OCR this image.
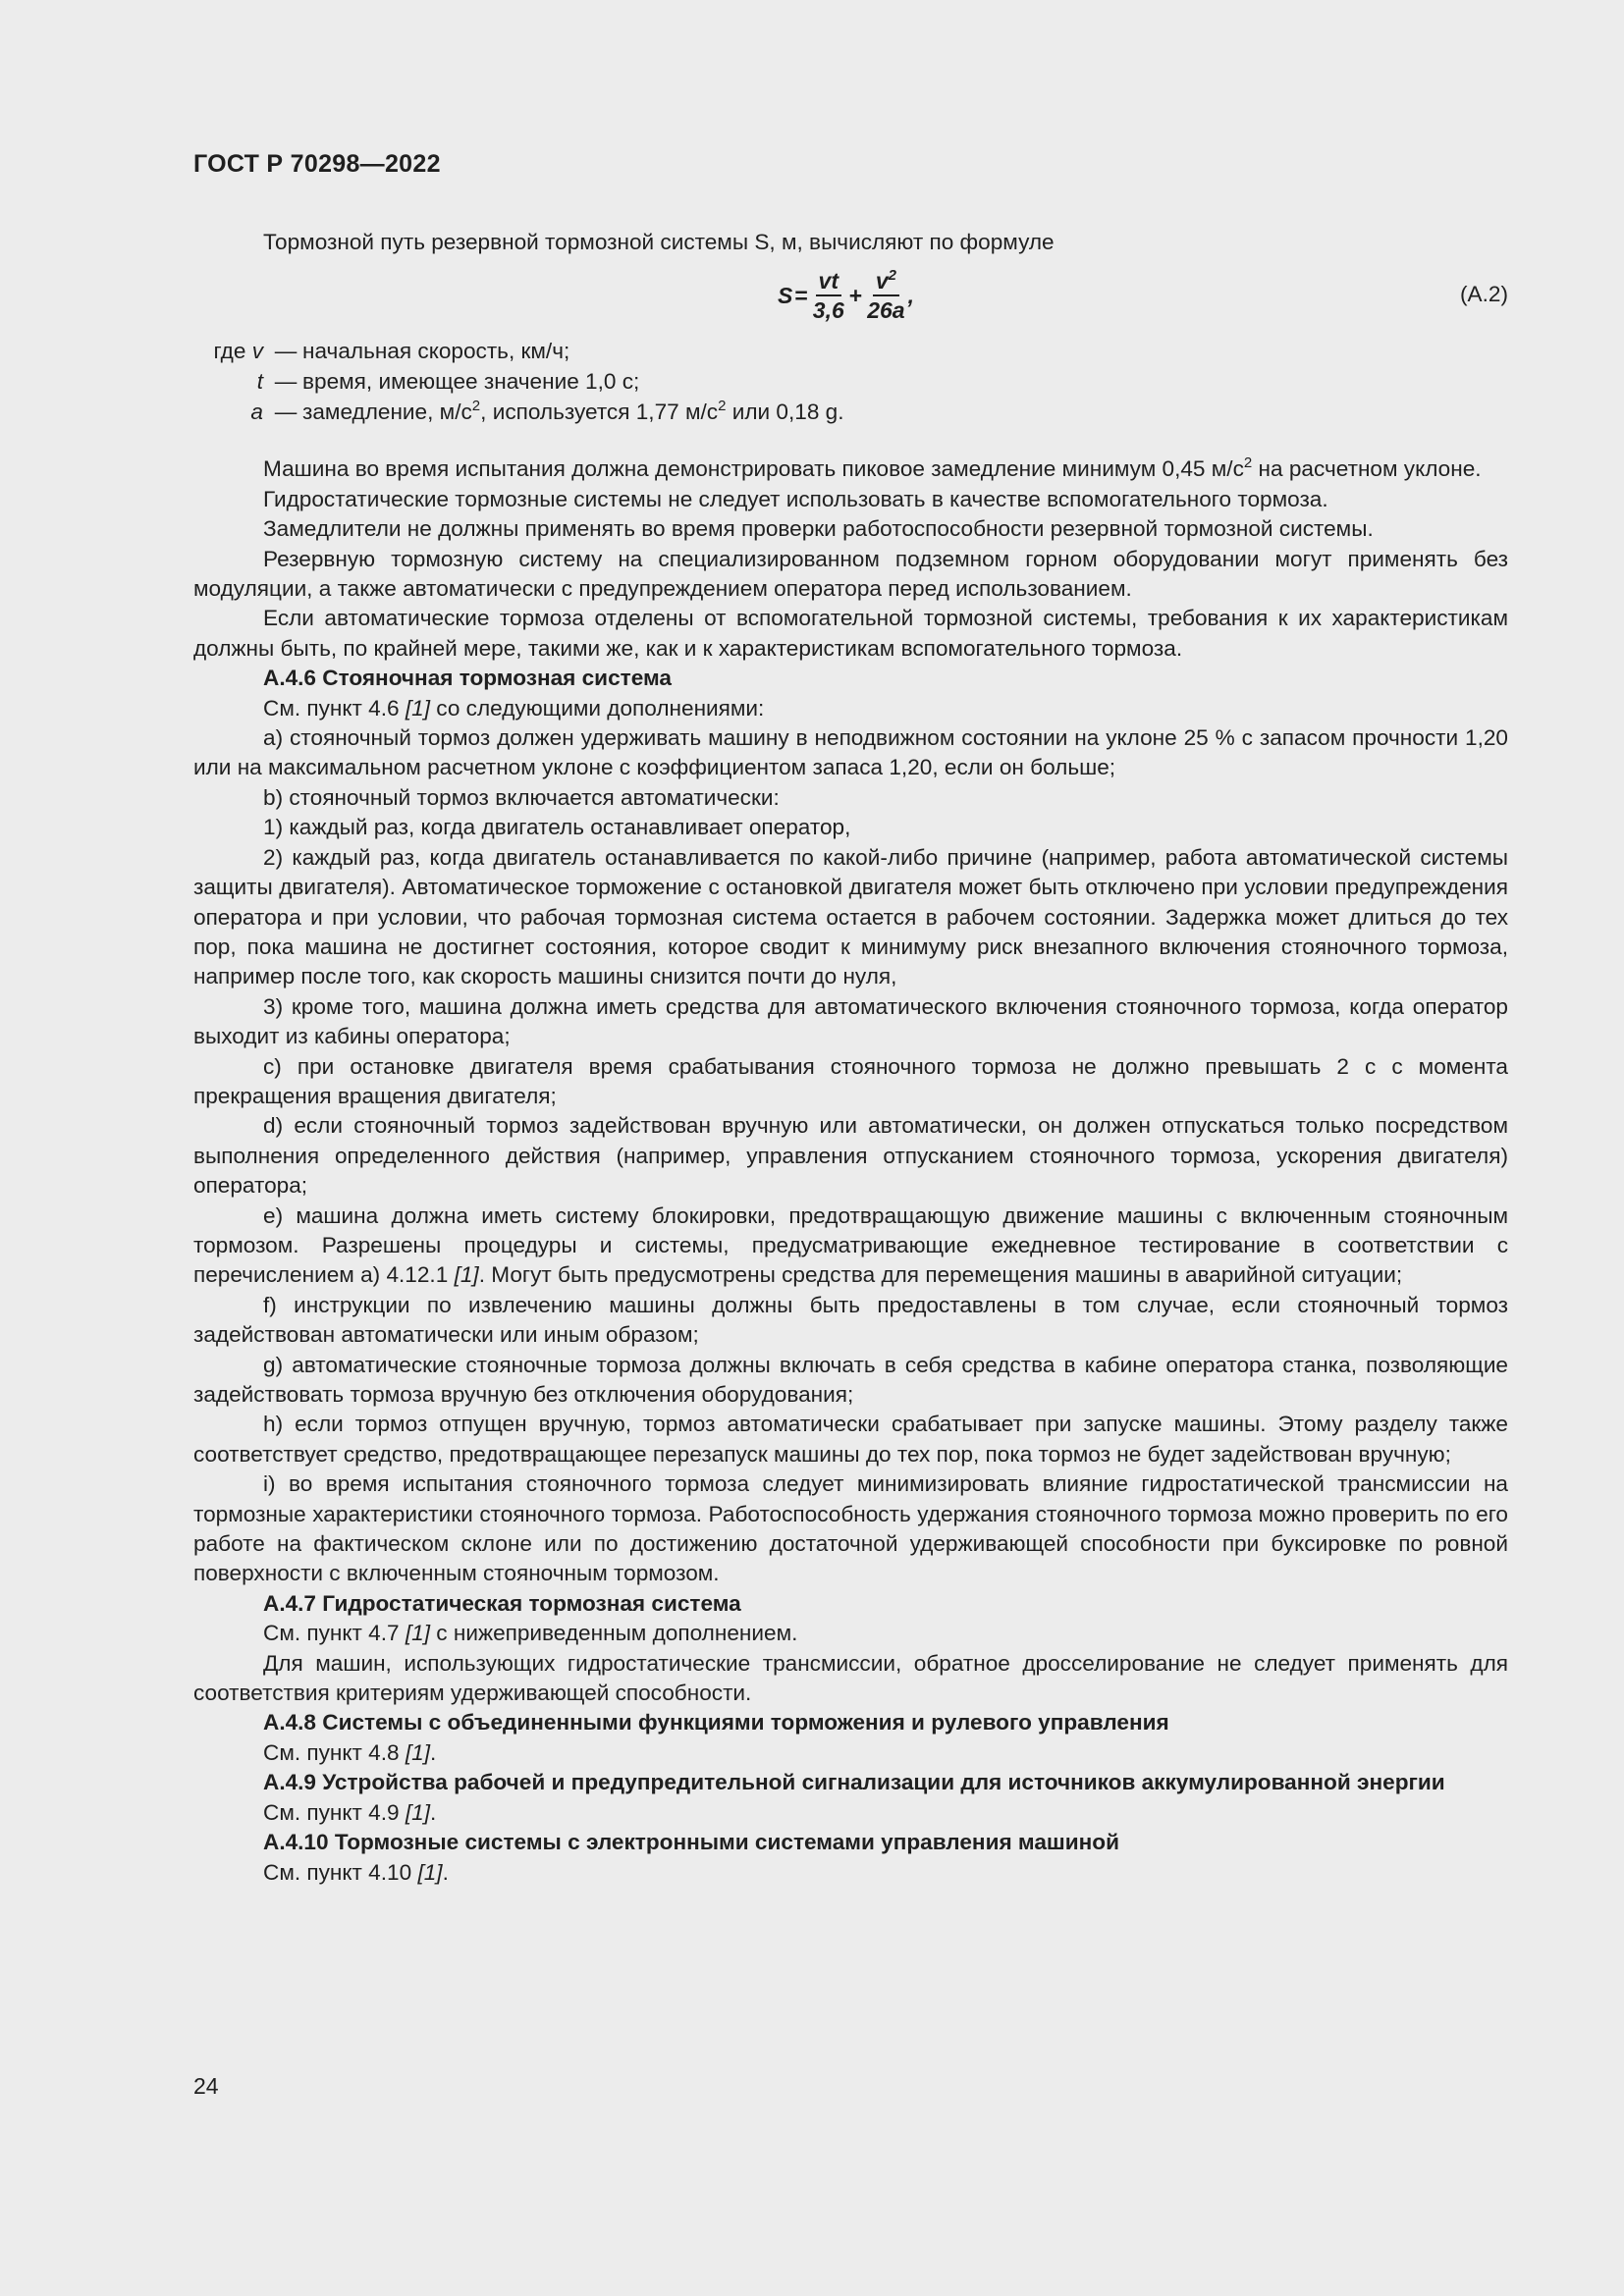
ГОСТ Р 70298—2022

Тормозной путь резервной тормозной системы S, м, вычисляют по формуле

$S = \frac{vt}{3,6} + \frac{v^2}{26a}$ ,	(А.2)
где v — начальная скорость, км/ч;
t — время, имеющее значение 1,0 с;
a — замедление, $м/с^2$, используется 1,77 $м/с^2$ или 0,18 g.

Машина во время испытания должна демонстрировать пиковое замедление минимум 0,45 $м/с^2$ на расчетном уклоне.

Гидростатические тормозные системы не следует использовать в качестве вспомогательного тормоза.

Замедлители не должны применять во время проверки работоспособности резервной тормозной системы.

Резервную тормозную систему на специализированном подземном горном оборудовании могут применять без модуляции, а также автоматически с предупреждением оператора перед использованием.

Если автоматические тормоза отделены от вспомогательной тормозной системы, требования к их характеристикам должны быть, по крайней мере, такими же, как и к характеристикам вспомогательного тормоза.

А.4.6 Стояночная тормозная система

См. пункт 4.6 [1] со следующими дополнениями:

a) стояночный тормоз должен удерживать машину в неподвижном состоянии на уклоне 25 % с запасом прочности 1,20 или на максимальном расчетном уклоне с коэффициентом запаса 1,20, если он больше;

b) стояночный тормоз включается автоматически:

1) каждый раз, когда двигатель останавливает оператор,

2) каждый раз, когда двигатель останавливается по какой-либо причине (например, работа автоматической системы защиты двигателя). Автоматическое торможение с остановкой двигателя может быть отключено при условии предупреждения оператора и при условии, что рабочая тормозная система остается в рабочем состоянии. Задержка может длиться до тех пор, пока машина не достигнет состояния, которое сводит к минимуму риск внезапного включения стояночного тормоза, например после того, как скорость машины снизится почти до нуля,

3) кроме того, машина должна иметь средства для автоматического включения стояночного тормоза, когда оператор выходит из кабины оператора;

c) при остановке двигателя время срабатывания стояночного тормоза не должно превышать 2 с с момента прекращения вращения двигателя;

d) если стояночный тормоз задействован вручную или автоматически, он должен отпускаться только посредством выполнения определенного действия (например, управления отпусканием стояночного тормоза, ускорения двигателя) оператора;

e) машина должна иметь систему блокировки, предотвращающую движение машины с включенным стояночным тормозом. Разрешены процедуры и системы, предусматривающие ежедневное тестирование в соответствии с перечислением а) 4.12.1 [1]. Могут быть предусмотрены средства для перемещения машины в аварийной ситуации;

f) инструкции по извлечению машины должны быть предоставлены в том случае, если стояночный тормоз задействован автоматически или иным образом;

g) автоматические стояночные тормоза должны включать в себя средства в кабине оператора станка, позволяющие задействовать тормоза вручную без отключения оборудования;

h) если тормоз отпущен вручную, тормоз автоматически срабатывает при запуске машины. Этому разделу также соответствует средство, предотвращающее перезапуск машины до тех пор, пока тормоз не будет задействован вручную;

i) во время испытания стояночного тормоза следует минимизировать влияние гидростатической трансмиссии на тормозные характеристики стояночного тормоза. Работоспособность удержания стояночного тормоза можно проверить по его работе на фактическом склоне или по достижению достаточной удерживающей способности при буксировке по ровной поверхности с включенным стояночным тормозом.

А.4.7 Гидростатическая тормозная система

См. пункт 4.7 [1] с нижеприведенным дополнением.

Для машин, использующих гидростатические трансмиссии, обратное дросселирование не следует применять для соответствия критериям удерживающей способности.

А.4.8 Системы с объединенными функциями торможения и рулевого управления

См. пункт 4.8 [1].

А.4.9 Устройства рабочей и предупредительной сигнализации для источников аккумулированной энергии

См. пункт 4.9 [1].

А.4.10 Тормозные системы с электронными системами управления машиной

См. пункт 4.10 [1].

24
